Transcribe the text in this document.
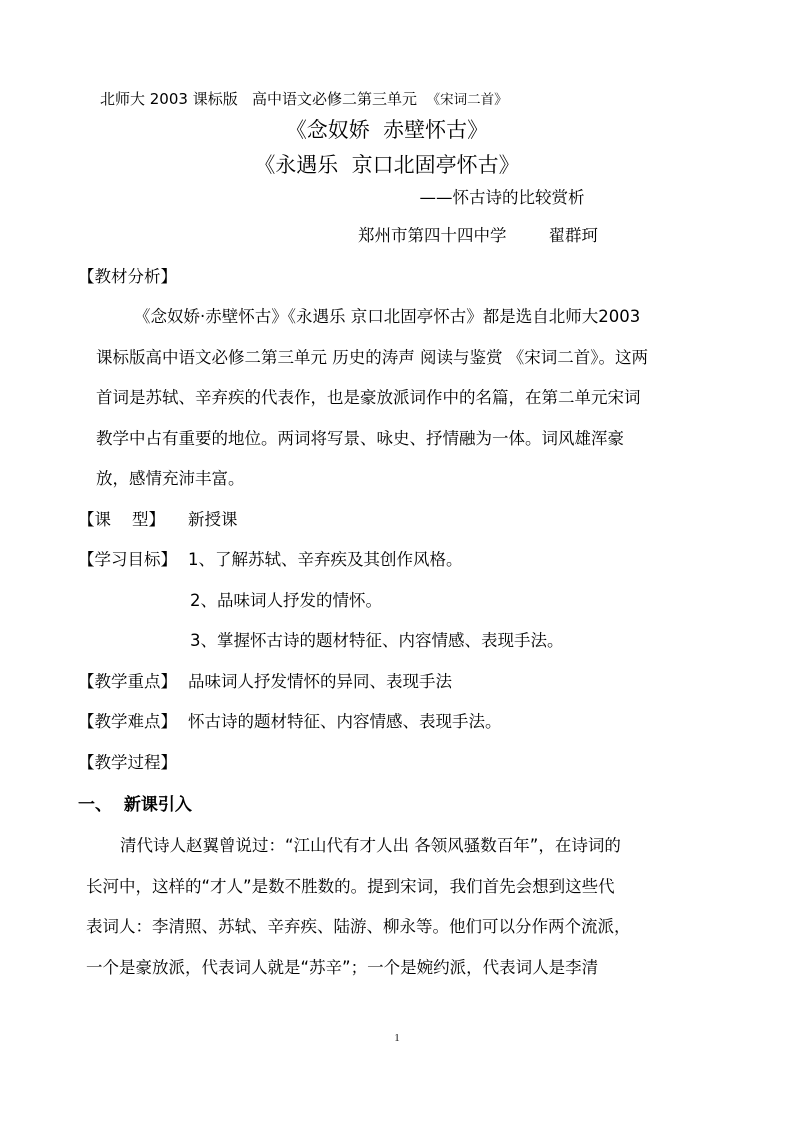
北师大 2003 课标版 高中语文必修二第三单元 《宋词二首》
《念奴娇  赤壁怀古》
《永遇乐  京口北固亭怀古》
——怀古诗的比较赏析
郑州市第四十四中学        翟群珂
【教材分析】
《念奴娇·赤壁怀古》《永遇乐 京口北固亭怀古》都是选自北师大2003
课标版高中语文必修二第三单元 历史的涛声 阅读与鉴赏 《宋词二首》。这两
首词是苏轼、辛弃疾的代表作，也是豪放派词作中的名篇，在第二单元宋词
教学中占有重要的地位。两词将写景、咏史、抒情融为一体。词风雄浑豪
放，感情充沛丰富。
【课    型】	新授课
【学习目标】 1、了解苏轼、辛弃疾及其创作风格。
2、品味词人抒发的情怀。
3、掌握怀古诗的题材特征、内容情感、表现手法。
【教学重点】 品味词人抒发情怀的异同、表现手法
【教学难点】 怀古诗的题材特征、内容情感、表现手法。
【教学过程】
一、  新课引入
清代诗人赵翼曾说过：“江山代有才人出 各领风骚数百年”，在诗词的
长河中，这样的“才人”是数不胜数的。提到宋词，我们首先会想到这些代
表词人：李清照、苏轼、辛弃疾、陆游、柳永等。他们可以分作两个流派，
一个是豪放派，代表词人就是“苏辛”；一个是婉约派，代表词人是李清
1
